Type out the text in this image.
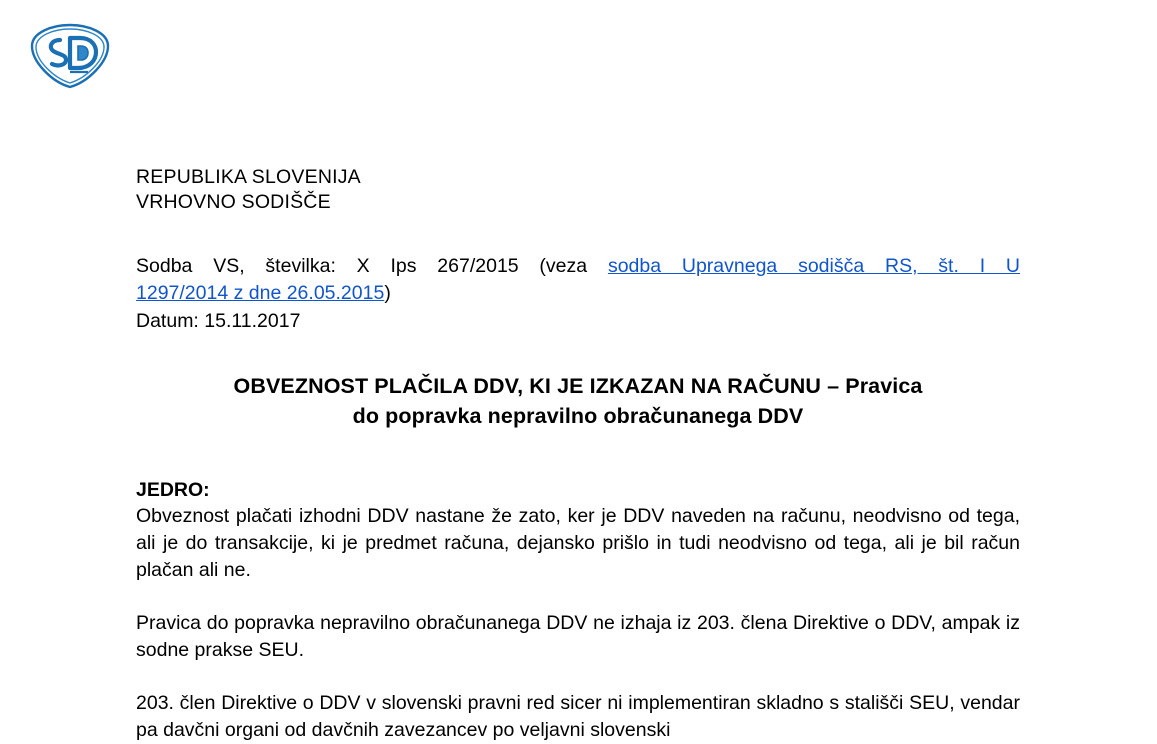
REPUBLIKA SLOVENIJA
VRHOVNO SODIŠČE
Sodba VS, številka: X Ips 267/2015 (veza sodba Upravnega sodišča RS, št. I U
1297/2014 z dne 26.05.2015)
Datum: 15.11.2017
OBVEZNOST PLAČILA DDV, KI JE IZKAZAN NA RAČUNU – Pravica
do popravka nepravilno obračunanega DDV
JEDRO:

Obveznost plačati izhodni DDV nastane že zato, ker je DDV naveden na računu, neodvisno od tega, ali je do transakcije, ki je predmet računa, dejansko prišlo in tudi neodvisno od tega, ali je bil račun plačan ali ne.

Pravica do popravka nepravilno obračunanega DDV ne izhaja iz 203. člena Direktive o DDV, ampak iz sodne prakse SEU.

203. člen Direktive o DDV v slovenski pravni red sicer ni implementiran skladno s stališči SEU, vendar pa davčni organi od davčnih zavezancev po veljavni slovenski
